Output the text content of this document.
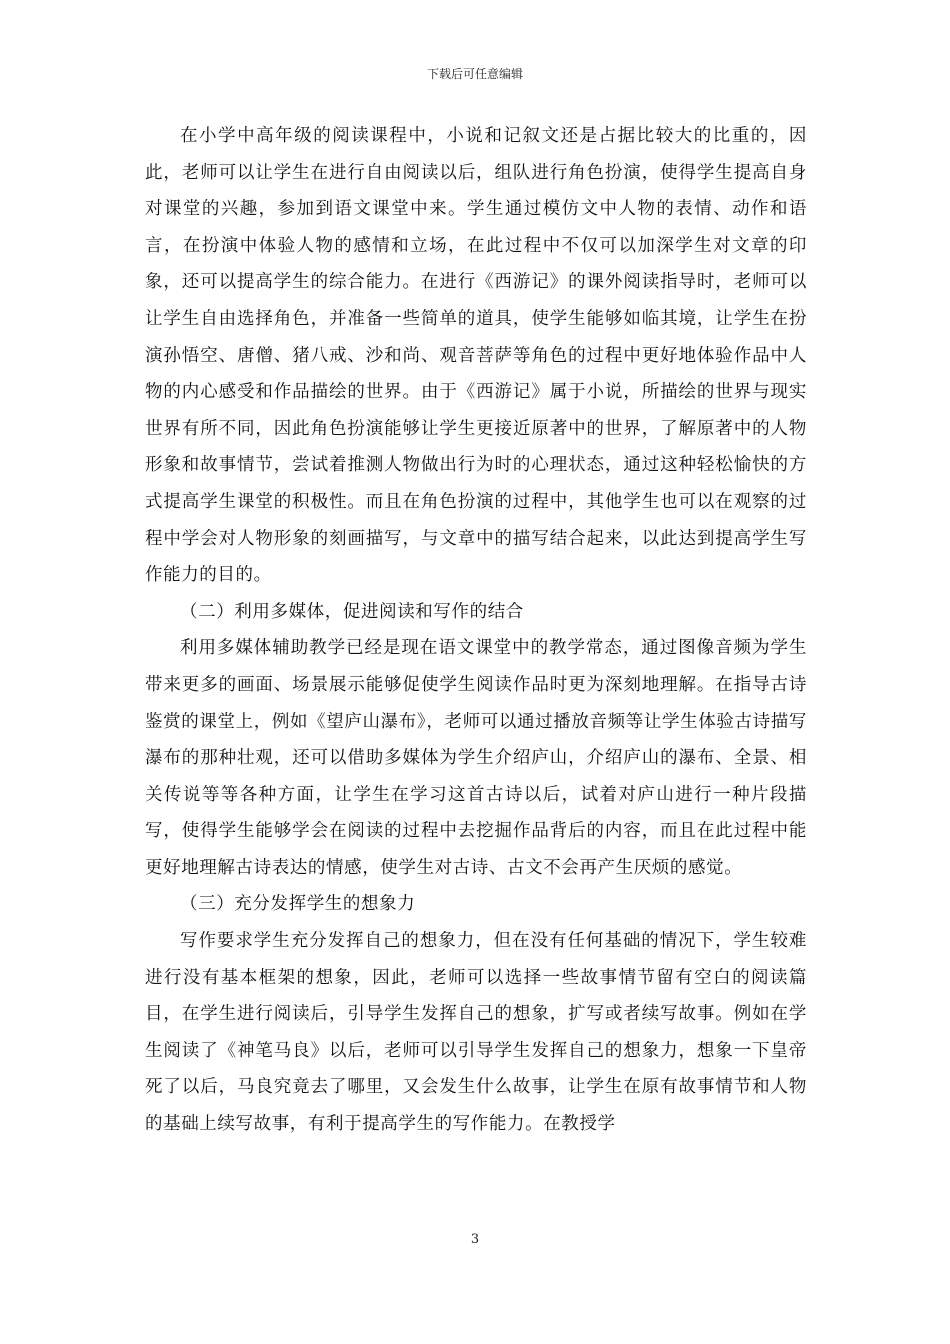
下载后可任意编辑

在小学中高年级的阅读课程中，小说和记叙文还是占据比较大的比重的，因此，老师可以让学生在进行自由阅读以后，组队进行角色扮演，使得学生提高自身对课堂的兴趣，参加到语文课堂中来。学生通过模仿文中人物的表情、动作和语言，在扮演中体验人物的感情和立场，在此过程中不仅可以加深学生对文章的印象，还可以提高学生的综合能力。在进行《西游记》的课外阅读指导时，老师可以让学生自由选择角色，并准备一些简单的道具，使学生能够如临其境，让学生在扮演孙悟空、唐僧、猪八戒、沙和尚、观音菩萨等角色的过程中更好地体验作品中人物的内心感受和作品描绘的世界。由于《西游记》属于小说，所描绘的世界与现实世界有所不同，因此角色扮演能够让学生更接近原著中的世界，了解原著中的人物形象和故事情节，尝试着推测人物做出行为时的心理状态，通过这种轻松愉快的方式提高学生课堂的积极性。而且在角色扮演的过程中，其他学生也可以在观察的过程中学会对人物形象的刻画描写，与文章中的描写结合起来，以此达到提高学生写作能力的目的。

（二）利用多媒体，促进阅读和写作的结合

利用多媒体辅助教学已经是现在语文课堂中的教学常态，通过图像音频为学生带来更多的画面、场景展示能够促使学生阅读作品时更为深刻地理解。在指导古诗鉴赏的课堂上，例如《望庐山瀑布》，老师可以通过播放音频等让学生体验古诗描写瀑布的那种壮观，还可以借助多媒体为学生介绍庐山，介绍庐山的瀑布、全景、相关传说等等各种方面，让学生在学习这首古诗以后，试着对庐山进行一种片段描写，使得学生能够学会在阅读的过程中去挖掘作品背后的内容，而且在此过程中能更好地理解古诗表达的情感，使学生对古诗、古文不会再产生厌烦的感觉。

（三）充分发挥学生的想象力

写作要求学生充分发挥自己的想象力，但在没有任何基础的情况下，学生较难进行没有基本框架的想象，因此，老师可以选择一些故事情节留有空白的阅读篇目，在学生进行阅读后，引导学生发挥自己的想象，扩写或者续写故事。例如在学生阅读了《神笔马良》以后，老师可以引导学生发挥自己的想象力，想象一下皇帝死了以后，马良究竟去了哪里，又会发生什么故事，让学生在原有故事情节和人物的基础上续写故事，有利于提高学生的写作能力。在教授学

3
